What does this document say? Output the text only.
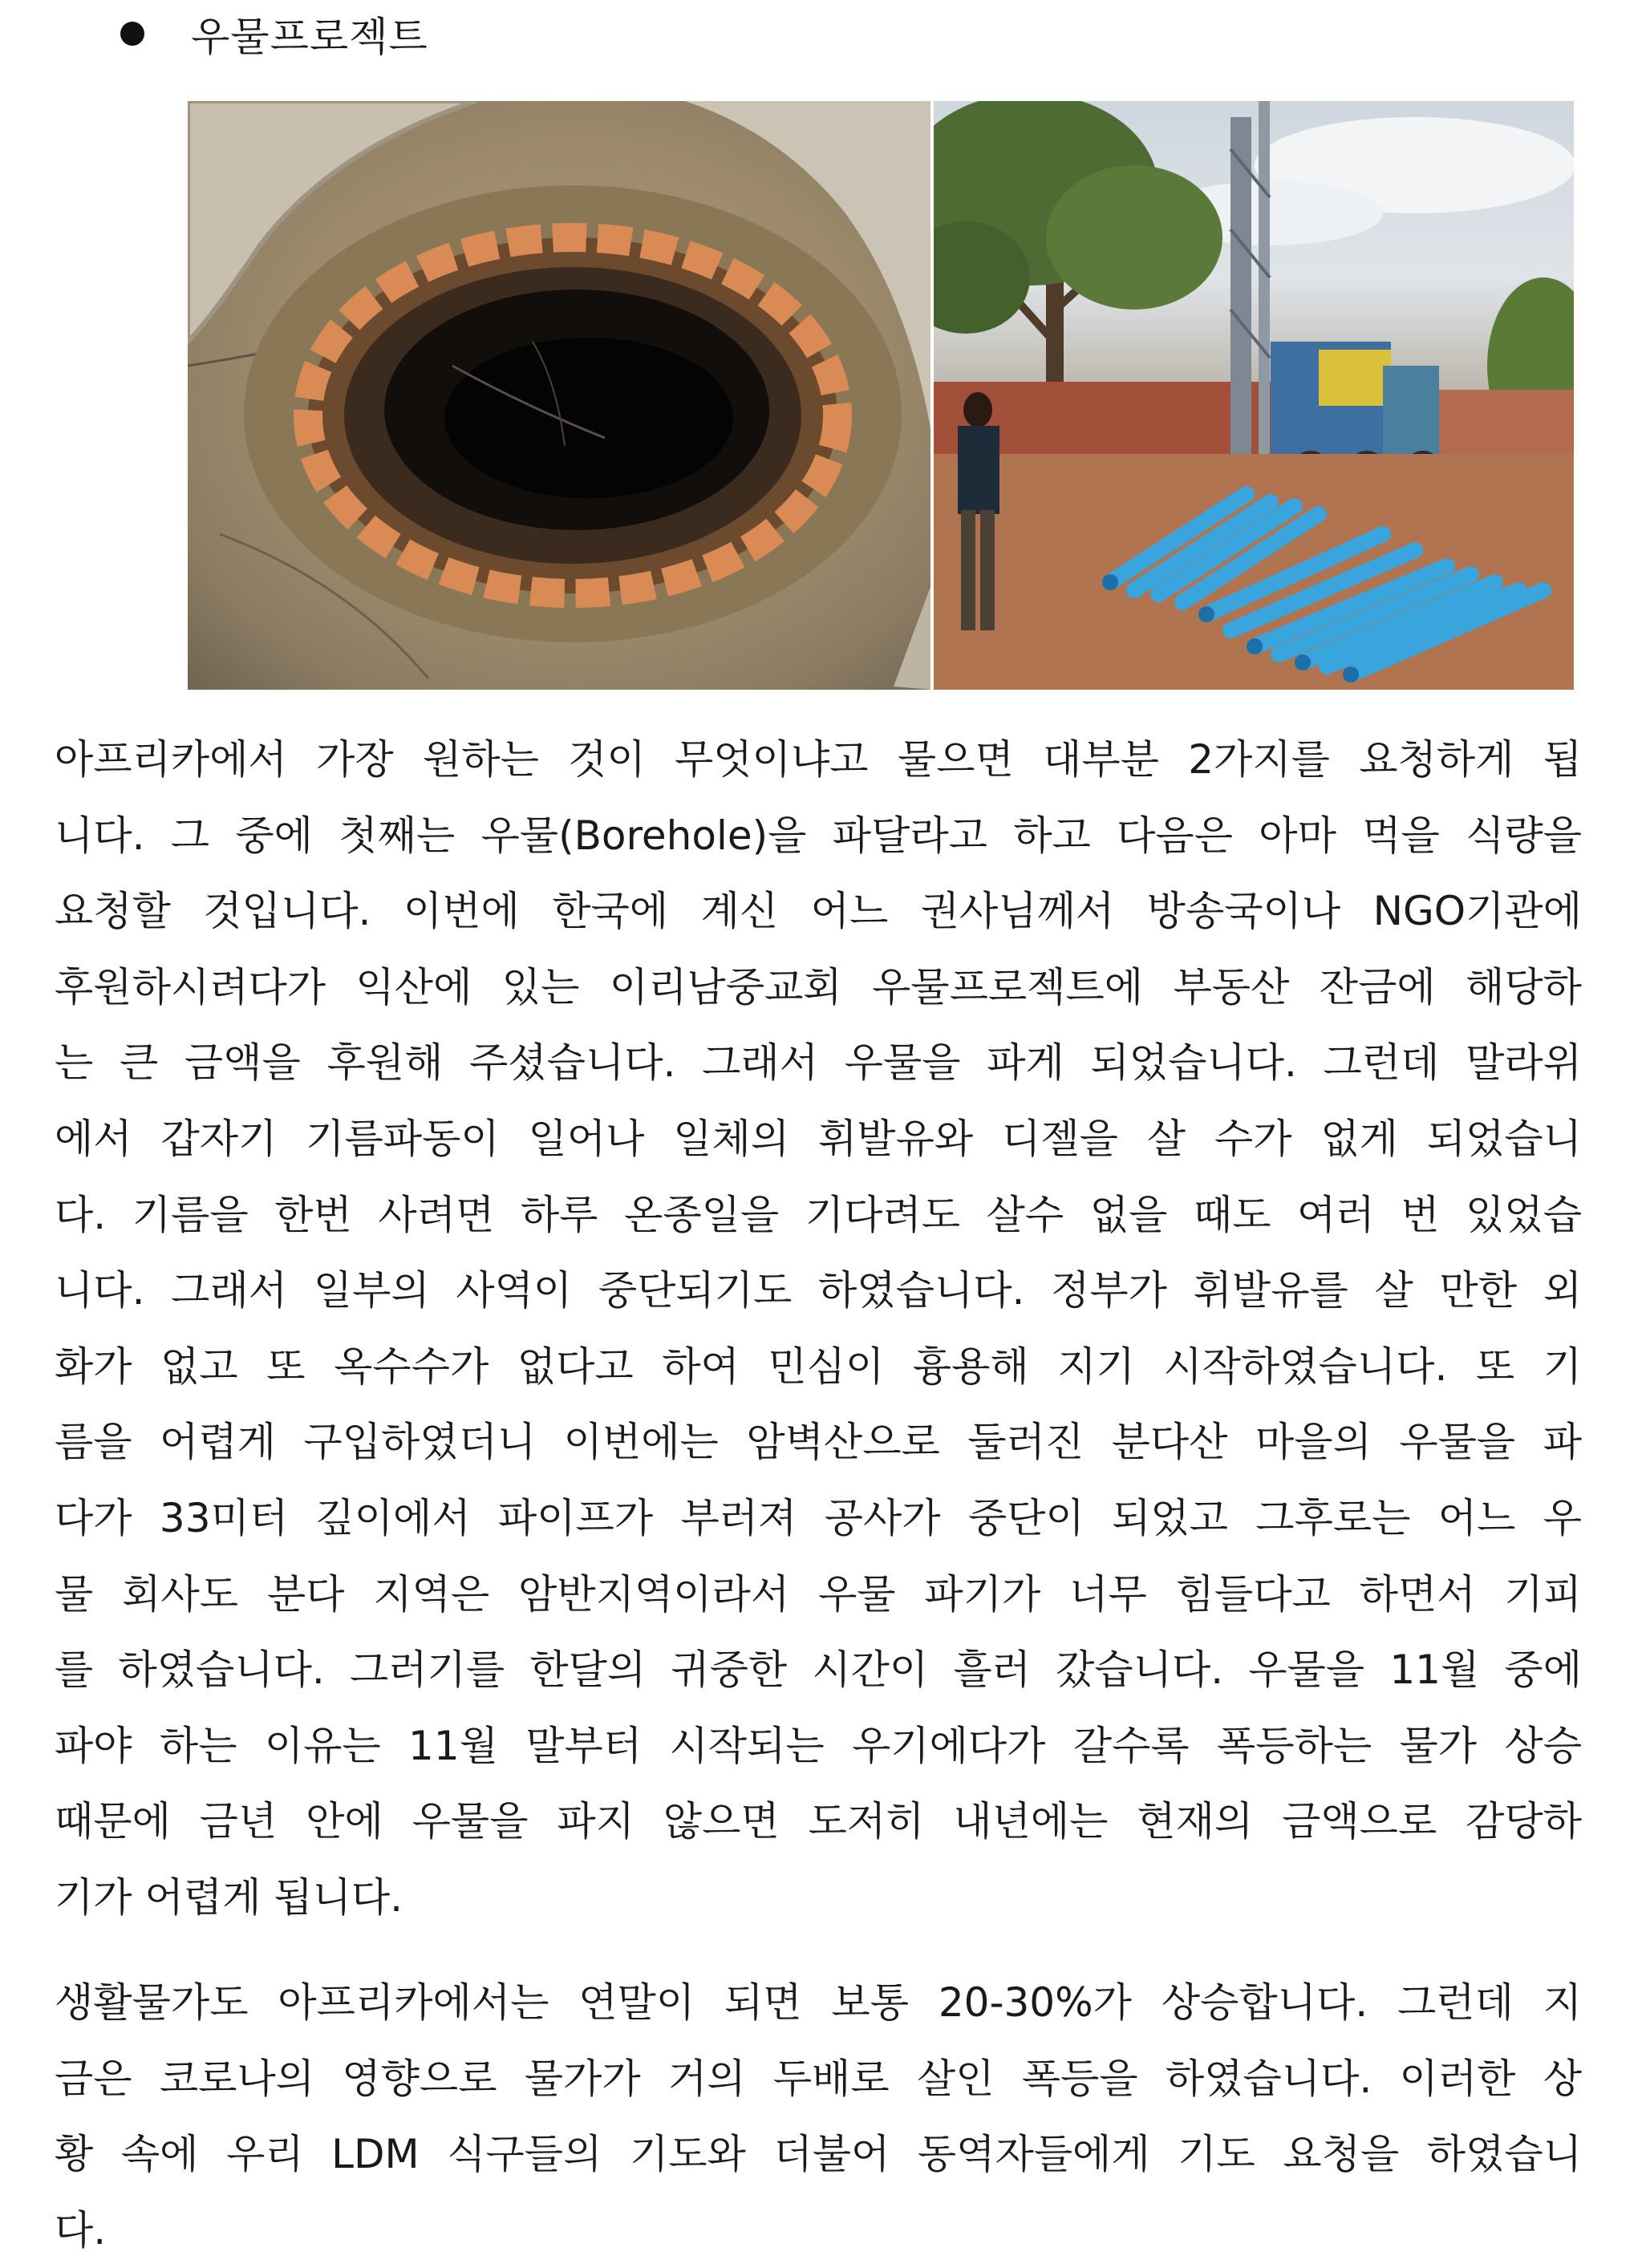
우물프로젝트
아프리카에서 가장 원하는 것이 무엇이냐고 물으면 대부분 2가지를 요청하게 됩
니다. 그 중에 첫째는 우물(Borehole)을 파달라고 하고 다음은 아마 먹을 식량을
요청할 것입니다. 이번에 한국에 계신 어느 권사님께서 방송국이나 NGO기관에
후원하시려다가 익산에 있는 이리남중교회 우물프로젝트에 부동산 잔금에 해당하
는 큰 금액을 후원해 주셨습니다. 그래서 우물을 파게 되었습니다. 그런데 말라위
에서 갑자기 기름파동이 일어나 일체의 휘발유와 디젤을 살 수가 없게 되었습니
다. 기름을 한번 사려면 하루 온종일을 기다려도 살수 없을 때도 여러 번 있었습
니다. 그래서 일부의 사역이 중단되기도 하였습니다. 정부가 휘발유를 살 만한 외
화가 없고 또 옥수수가 없다고 하여 민심이 흉용해 지기 시작하였습니다. 또 기
름을 어렵게 구입하였더니 이번에는 암벽산으로 둘러진 분다산 마을의 우물을 파
다가 33미터 깊이에서 파이프가 부러져 공사가 중단이 되었고 그후로는 어느 우
물 회사도 분다 지역은 암반지역이라서 우물 파기가 너무 힘들다고 하면서 기피
를 하였습니다. 그러기를 한달의 귀중한 시간이 흘러 갔습니다. 우물을 11월 중에
파야 하는 이유는 11월 말부터 시작되는 우기에다가 갈수록 폭등하는 물가 상승
때문에 금년 안에 우물을 파지 않으면 도저히 내년에는 현재의 금액으로 감당하
기가 어렵게 됩니다.
생활물가도 아프리카에서는 연말이 되면 보통 20-30%가 상승합니다. 그런데 지
금은 코로나의 영향으로 물가가 거의 두배로 살인 폭등을 하였습니다. 이러한 상
황 속에 우리 LDM 식구들의 기도와 더불어 동역자들에게 기도 요청을 하였습니
다.
